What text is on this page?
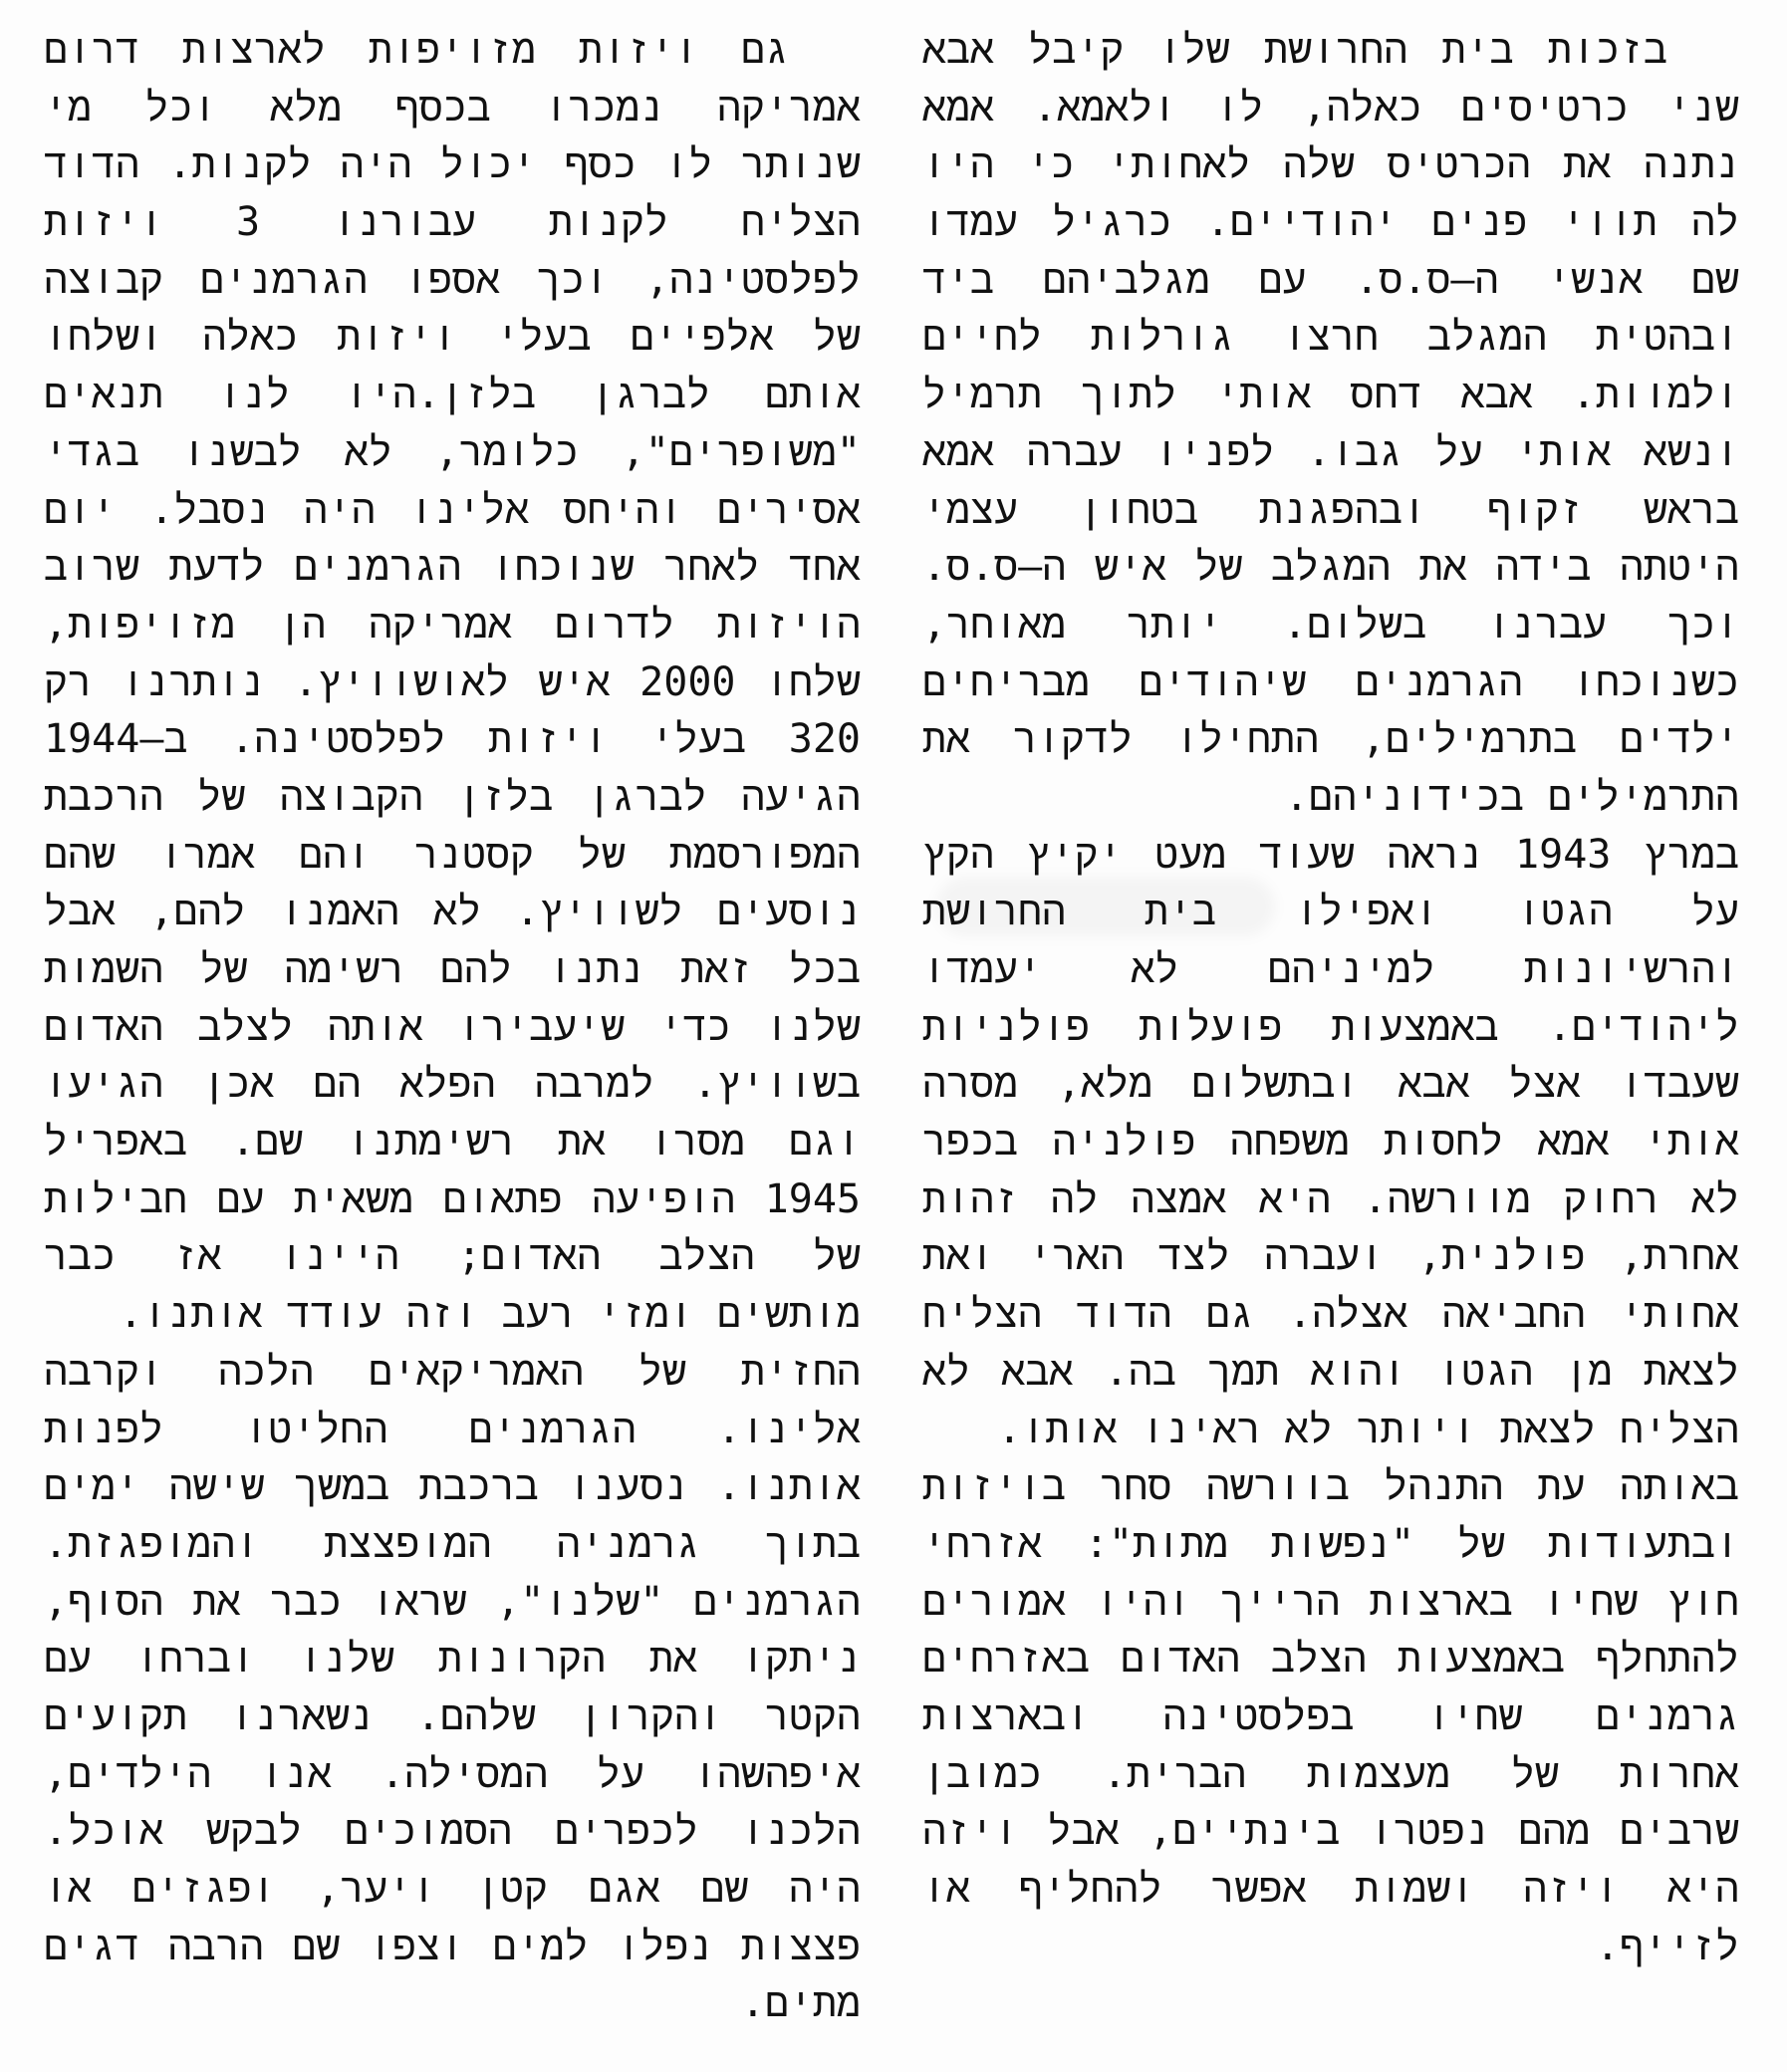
בזכות בית החרושת שלו קיבל אבא
שני כרטיסים כאלה, לו ולאמא. אמא
נתנה את הכרטיס שלה לאחותי כי היו
לה תווי פנים יהודיים. כרגיל עמדו
שם אנשי ה–ס.ס. עם מגלביהם ביד
ובהטית המגלב חרצו גורלות לחיים
ולמוות. אבא דחס אותי לתוך תרמיל
ונשא אותי על גבו. לפניו עברה אמא
בראש זקוף ובהפגנת בטחון עצמי
היטתה בידה את המגלב של איש ה–ס.ס.
וכך עברנו בשלום. יותר מאוחר,
כשנוכחו הגרמנים שיהודים מבריחים
ילדים בתרמילים, התחילו לדקור את
התרמילים בכידוניהם.
במרץ 1943 נראה שעוד מעט יקיץ הקץ
על הגטו ואפילו בית החרושת
והרשיונות למיניהם לא יעמדו
ליהודים. באמצעות פועלות פולניות
שעבדו אצל אבא ובתשלום מלא, מסרה
אותי אמא לחסות משפחה פולניה בכפר
לא רחוק מוורשה. היא אמצה לה זהות
אחרת, פולנית, ועברה לצד הארי ואת
אחותי החביאה אצלה. גם הדוד הצליח
לצאת מן הגטו והוא תמך בה. אבא לא
הצליח לצאת ויותר לא ראינו אותו.
באותה עת התנהל בוורשה סחר בויזות
ובתעודות של "נפשות מתות": אזרחי
חוץ שחיו בארצות הרייך והיו אמורים
להתחלף באמצעות הצלב האדום באזרחים
גרמנים שחיו בפלסטינה ובארצות
אחרות של מעצמות הברית. כמובן
שרבים מהם נפטרו בינתיים, אבל ויזה
היא ויזה ושמות אפשר להחליף או
לזייף.
גם ויזות מזויפות לארצות דרום
אמריקה נמכרו בכסף מלא וכל מי
שנותר לו כסף יכול היה לקנות. הדוד
הצליח לקנות עבורנו 3 ויזות
לפלסטינה, וכך אספו הגרמנים קבוצה
של אלפיים בעלי ויזות כאלה ושלחו
אותם לברגן בלזן.היו לנו תנאים
"משופרים", כלומר, לא לבשנו בגדי
אסירים והיחס אלינו היה נסבל. יום
אחד לאחר שנוכחו הגרמנים לדעת שרוב
הויזות לדרום אמריקה הן מזויפות,
שלחו 2000 איש לאושוויץ. נותרנו רק
320 בעלי ויזות לפלסטינה. ב–1944
הגיעה לברגן בלזן הקבוצה של הרכבת
המפורסמת של קסטנר והם אמרו שהם
נוסעים לשוויץ. לא האמנו להם, אבל
בכל זאת נתנו להם רשימה של השמות
שלנו כדי שיעבירו אותה לצלב האדום
בשוויץ. למרבה הפלא הם אכן הגיעו
וגם מסרו את רשימתנו שם. באפריל
1945 הופיעה פתאום משאית עם חבילות
של הצלב האדום; היינו אז כבר
מותשים ומזי רעב וזה עודד אותנו.
החזית של האמריקאים הלכה וקרבה
אלינו. הגרמנים החליטו לפנות
אותנו. נסענו ברכבת במשך שישה ימים
בתוך גרמניה המופצצת והמופגזת.
הגרמנים "שלנו", שראו כבר את הסוף,
ניתקו את הקרונות שלנו וברחו עם
הקטר והקרון שלהם. נשארנו תקועים
איפהשהו על המסילה. אנו הילדים,
הלכנו לכפרים הסמוכים לבקש אוכל.
היה שם אגם קטן ויער, ופגזים או
פצצות נפלו למים וצפו שם הרבה דגים
מתים.
